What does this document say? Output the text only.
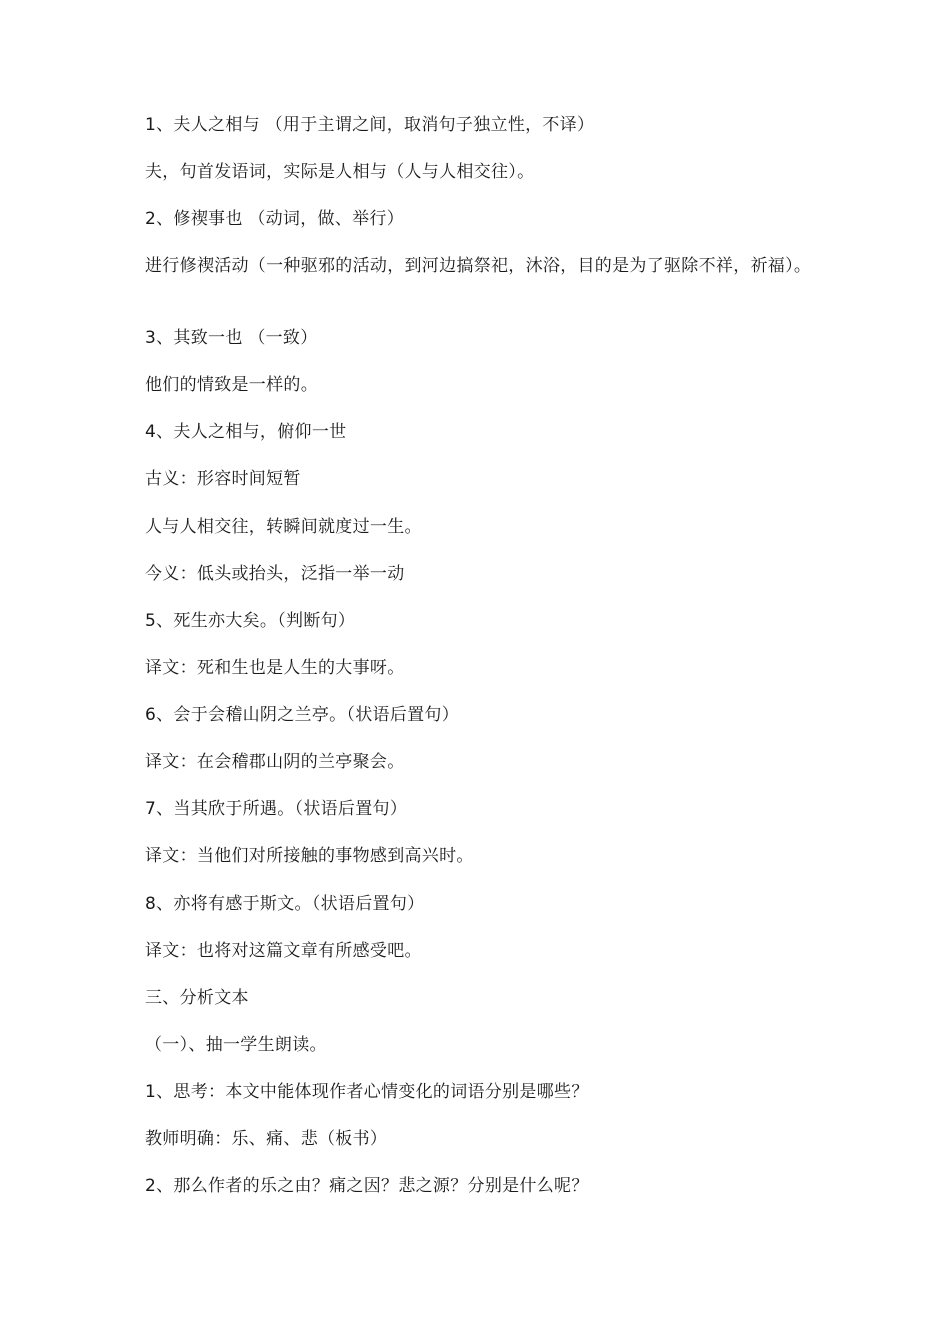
1、夫人之相与 （用于主谓之间，取消句子独立性，不译）

夫，句首发语词，实际是人相与（人与人相交往）。

2、修禊事也 （动词，做、举行）

进行修禊活动（一种驱邪的活动，到河边搞祭祀，沐浴，目的是为了驱除不祥，祈福）。

3、其致一也 （一致）

他们的情致是一样的。

4、夫人之相与，俯仰一世

古义：形容时间短暂

人与人相交往，转瞬间就度过一生。

今义：低头或抬头，泛指一举一动

5、死生亦大矣。（判断句）

译文：死和生也是人生的大事呀。

6、会于会稽山阴之兰亭。（状语后置句）

译文：在会稽郡山阴的兰亭聚会。

7、当其欣于所遇。（状语后置句）

译文：当他们对所接触的事物感到高兴时。

8、亦将有感于斯文。（状语后置句）

译文：也将对这篇文章有所感受吧。

三、分析文本

（一）、抽一学生朗读。

1、思考：本文中能体现作者心情变化的词语分别是哪些？

教师明确：乐、痛、悲（板书）

2、那么作者的乐之由？痛之因？悲之源？分别是什么呢？
